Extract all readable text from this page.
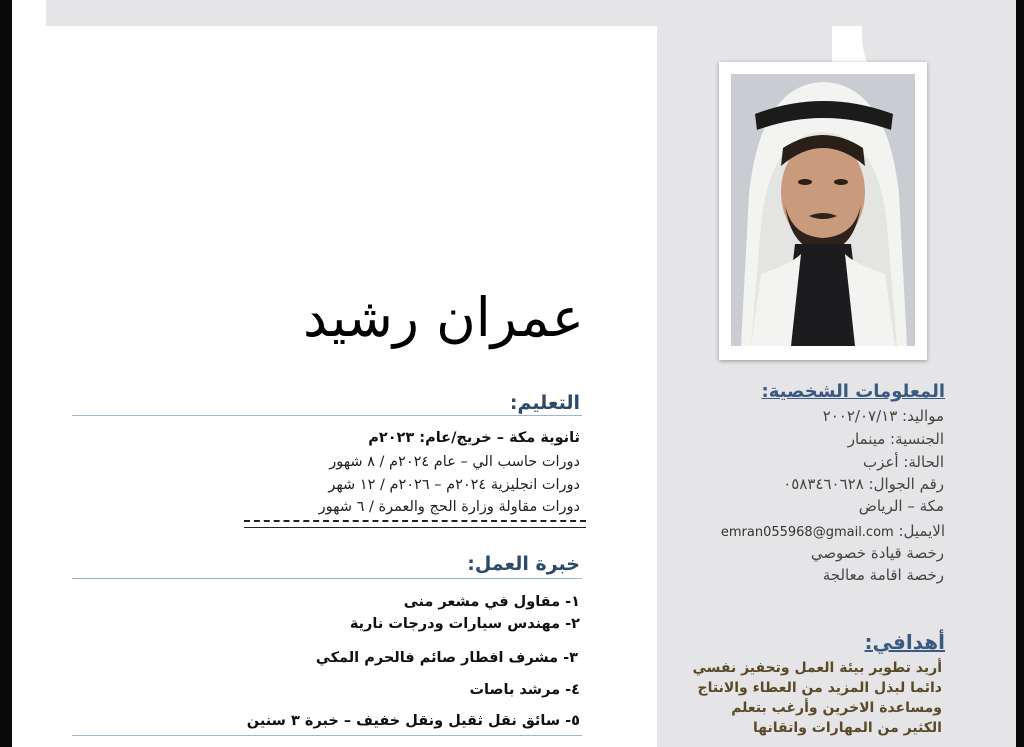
عمران رشيد
التعليم:
ثانوية مكة – خريج/عام: ٢٠٢٣م
دورات حاسب الي – عام ٢٠٢٤م / ٨ شهور
دورات انجليزية ٢٠٢٤م – ٢٠٢٦م / ١٢ شهر
دورات مقاولة وزارة الحج والعمرة / ٦ شهور
خبرة العمل:
١- مقاول في مشعر منى
٢- مهندس سيارات ودرجات نارية
٣- مشرف افطار صائم فالحرم المكي
٤- مرشد باصات
٥- سائق نقل ثقيل ونقل خفيف – خبرة ٣ سنين
المعلومات الشخصية:
مواليد: ٢٠٠٢/٠٧/١٣
الجنسية: مينمار
الحالة: أعزب
رقم الجوال: ٠٥٨٣٤٦٠٦٢٨
مكة – الرياض
الايميل: emran055968@gmail.com
رخصة قيادة خصوصي
رخصة اقامة معالجة
أهدافي:
أريد تطوير بيئة العمل وتحفيز نفسي
دائما لبذل المزيد من العطاء والانتاج
ومساعدة الاخرين وأرغب بتعلم
الكثير من المهارات واتقانها
